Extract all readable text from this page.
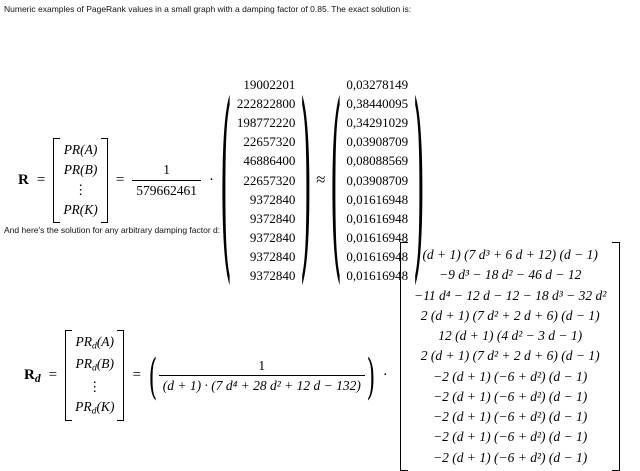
Numeric examples of PageRank values in a small graph with a damping factor of 0.85. The exact solution is:
R =
PR(A)
PR(B)
⋮
PR(K)
= $\frac{1}{579662461}$ · ( 19002201
222822800
198772220
22657320
46886400
22657320
9372840
9372840
9372840
9372840
9372840 ) ≈ ( 0,03278149
0,38440095
0,34291029
0,03908709
0,08088569
0,03908709
0,01616948
0,01616948
0,01616948
0,01616948
0,01616948 )
And here's the solution for any arbitrary damping factor d:
$R_d$ =
$PR_d(A)$
$PR_d(B)$
⋮
$PR_d(K)$
= ( $\frac{1}{\text{(d + 1) · (7 d⁴ + 28 d² + 12 d − 132)}}$ ) ·
(d + 1) (7 d³ + 6 d + 12) (d − 1)
−9 d³ − 18 d² − 46 d − 12
−11 d⁴ − 12 d − 12 − 18 d³ − 32 d²
2 (d + 1) (7 d² + 2 d + 6) (d − 1)
12 (d + 1) (4 d² − 3 d − 1)
2 (d + 1) (7 d² + 2 d + 6) (d − 1)
−2 (d + 1) (−6 + d²) (d − 1)
−2 (d + 1) (−6 + d²) (d − 1)
−2 (d + 1) (−6 + d²) (d − 1)
−2 (d + 1) (−6 + d²) (d − 1)
−2 (d + 1) (−6 + d²) (d − 1)
